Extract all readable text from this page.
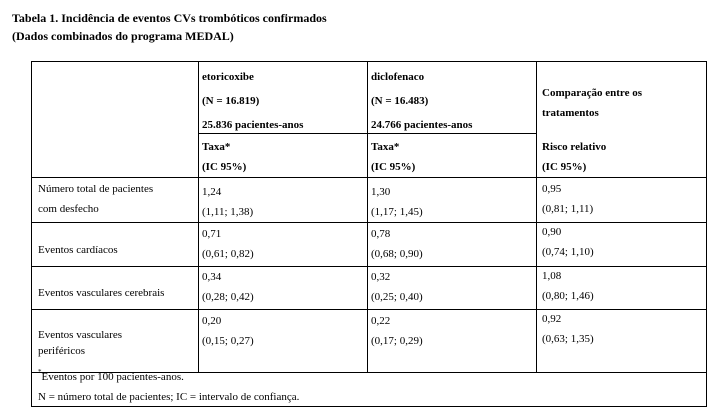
Tabela 1. Incidência de eventos CVs trombóticos confirmados
(Dados combinados do programa MEDAL)
etoricoxibe
(N = 16.819)
25.836 pacientes-anos
Taxa*
(IC 95%)
diclofenaco
(N = 16.483)
24.766 pacientes-anos
Taxa*
(IC 95%)
Comparação entre os
tratamentos
Risco relativo
(IC 95%)
Número total de pacientes
com desfecho
1,24
(1,11; 1,38)
1,30
(1,17; 1,45)
0,95
(0,81; 1,11)
Eventos cardíacos
0,71
(0,61; 0,82)
0,78
(0,68; 0,90)
0,90
(0,74; 1,10)
Eventos vasculares cerebrais
0,34
(0,28; 0,42)
0,32
(0,25; 0,40)
1,08
(0,80; 1,46)
Eventos vasculares
periféricos
0,20
(0,15; 0,27)
0,22
(0,17; 0,29)
0,92
(0,63; 1,35)
*Eventos por 100 pacientes-anos.
N = número total de pacientes; IC = intervalo de confiança.
